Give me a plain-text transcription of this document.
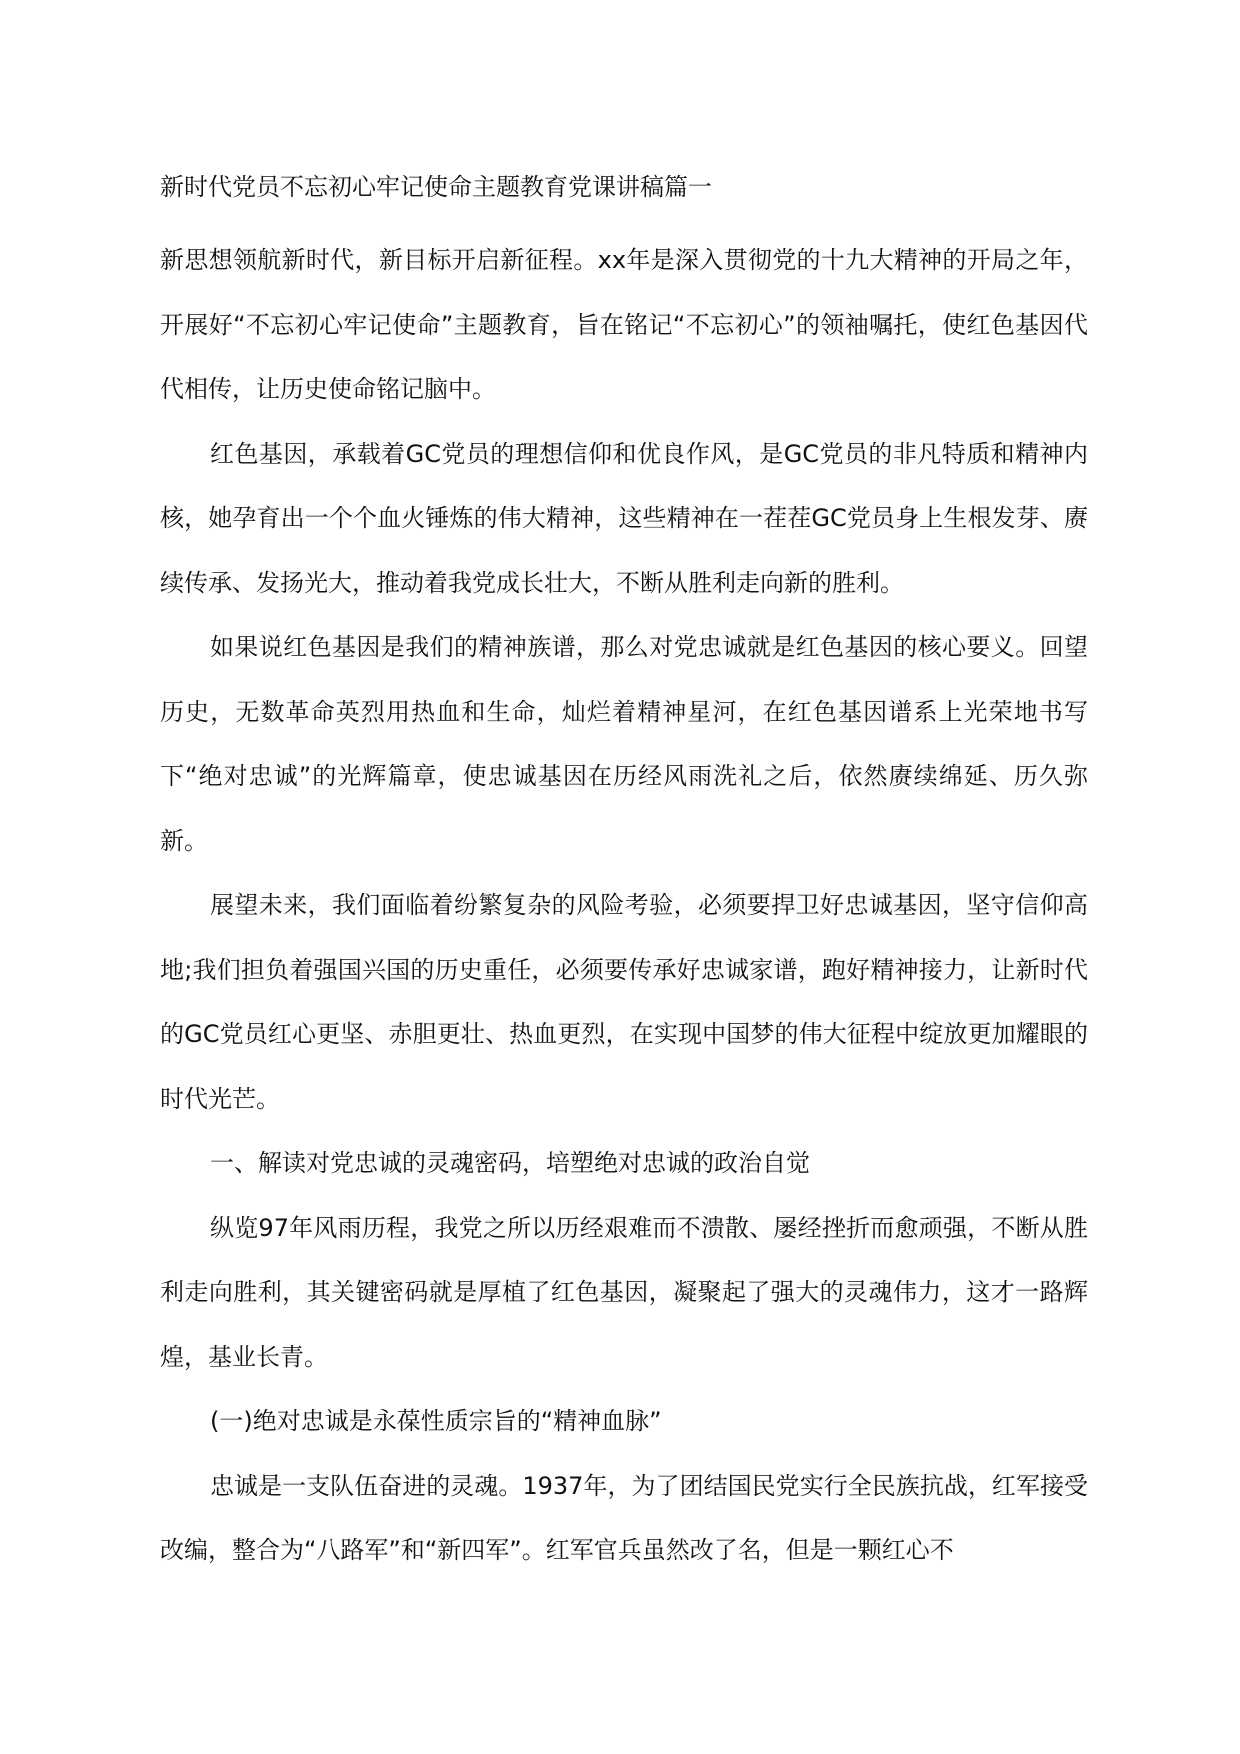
新时代党员不忘初心牢记使命主题教育党课讲稿篇一

新思想领航新时代，新目标开启新征程。xx年是深入贯彻党的十九大精神的开局之年，开展好“不忘初心牢记使命”主题教育，旨在铭记“不忘初心”的领袖嘱托，使红色基因代代相传，让历史使命铭记脑中。

红色基因，承载着GC党员的理想信仰和优良作风，是GC党员的非凡特质和精神内核，她孕育出一个个血火锤炼的伟大精神，这些精神在一茬茬GC党员身上生根发芽、赓续传承、发扬光大，推动着我党成长壮大，不断从胜利走向新的胜利。

如果说红色基因是我们的精神族谱，那么对党忠诚就是红色基因的核心要义。回望历史，无数革命英烈用热血和生命，灿烂着精神星河，在红色基因谱系上光荣地书写下“绝对忠诚”的光辉篇章，使忠诚基因在历经风雨洗礼之后，依然赓续绵延、历久弥新。

展望未来，我们面临着纷繁复杂的风险考验，必须要捍卫好忠诚基因，坚守信仰高地;我们担负着强国兴国的历史重任，必须要传承好忠诚家谱，跑好精神接力，让新时代的GC党员红心更坚、赤胆更壮、热血更烈，在实现中国梦的伟大征程中绽放更加耀眼的时代光芒。

一、解读对党忠诚的灵魂密码，培塑绝对忠诚的政治自觉

纵览97年风雨历程，我党之所以历经艰难而不溃散、屡经挫折而愈顽强，不断从胜利走向胜利，其关键密码就是厚植了红色基因，凝聚起了强大的灵魂伟力，这才一路辉煌，基业长青。

(一)绝对忠诚是永葆性质宗旨的“精神血脉”

忠诚是一支队伍奋进的灵魂。1937年，为了团结国民党实行全民族抗战，红军接受改编，整合为“八路军”和“新四军”。红军官兵虽然改了名，但是一颗红心不
